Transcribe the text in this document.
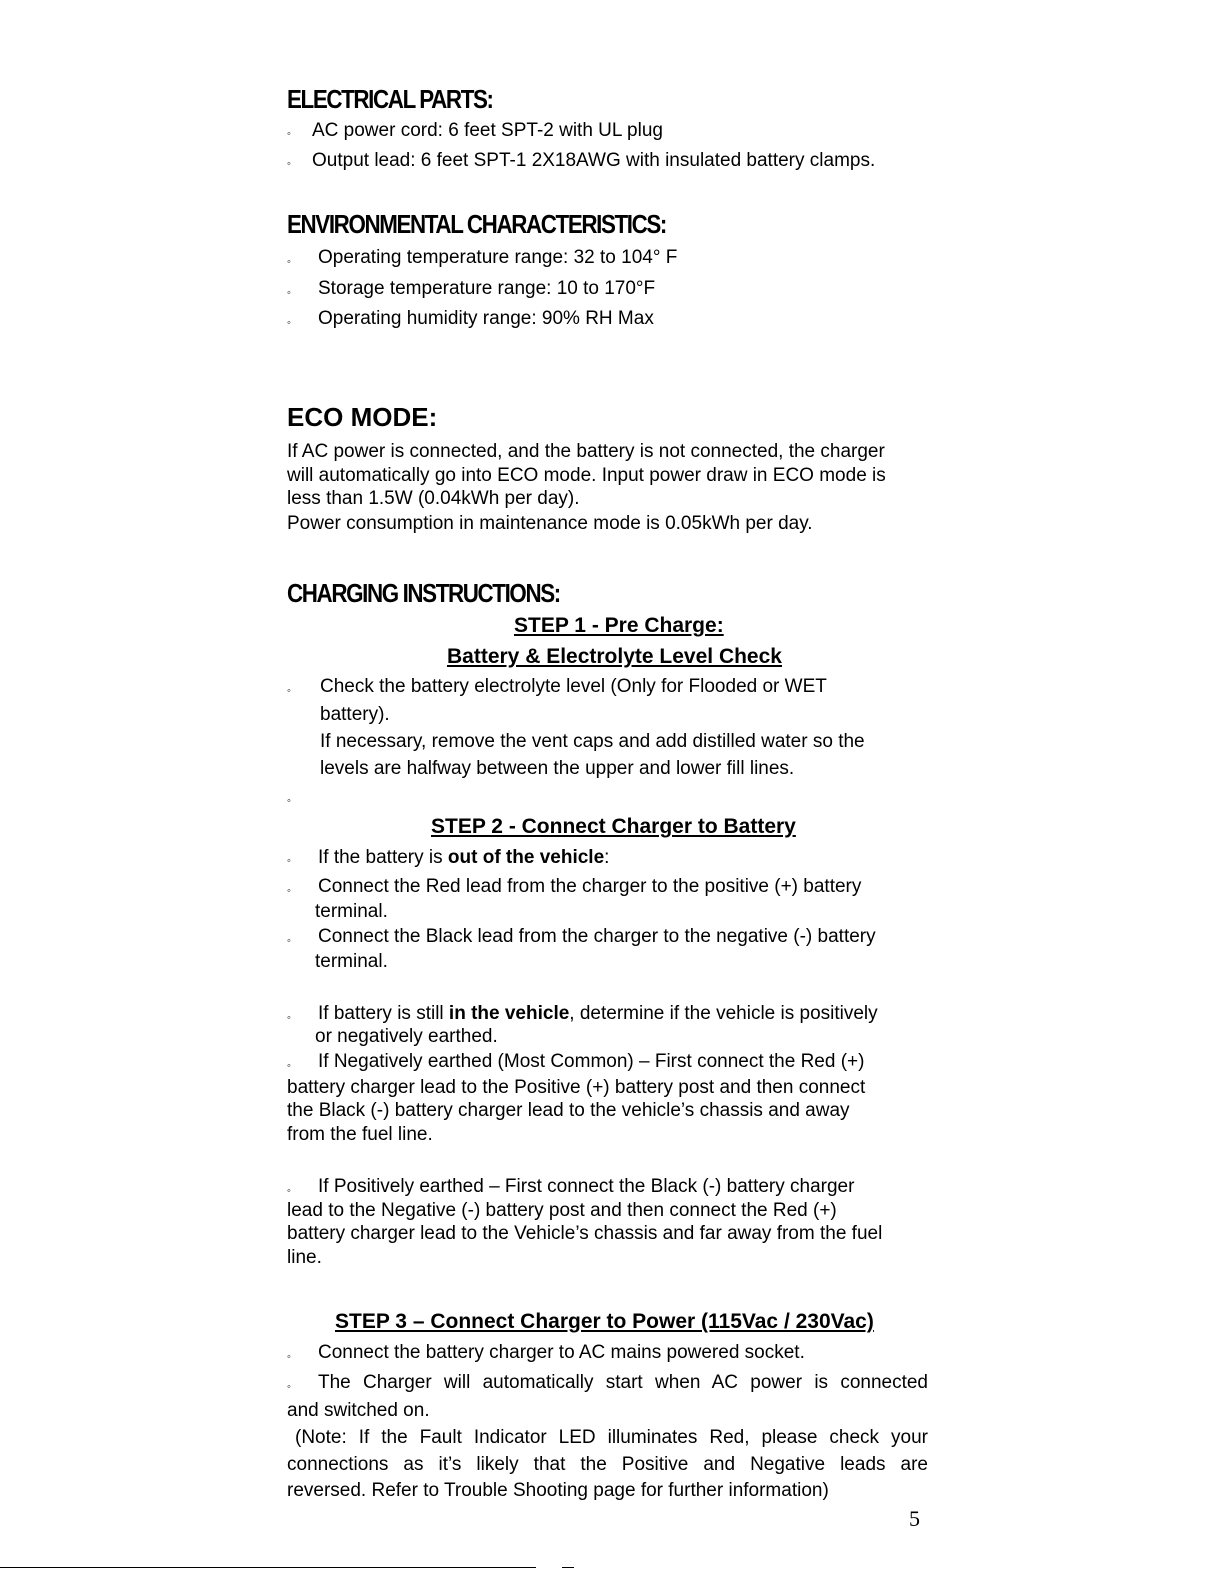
ELECTRICAL PARTS:
◦ AC power cord: 6 feet SPT-2 with UL plug
◦ Output lead: 6 feet SPT-1 2X18AWG with insulated battery clamps.
ENVIRONMENTAL CHARACTERISTICS:
◦ Operating temperature range: 32 to 104° F
◦ Storage temperature range: 10 to 170°F
◦ Operating humidity range: 90% RH Max
ECO MODE:
If AC power is connected, and the battery is not connected, the charger
will automatically go into ECO mode. Input power draw in ECO mode is
less than 1.5W (0.04kWh per day).
Power consumption in maintenance mode is 0.05kWh per day.
CHARGING INSTRUCTIONS:
STEP 1 - Pre Charge:
Battery & Electrolyte Level Check
◦ Check the battery electrolyte level (Only for Flooded or WET
battery).
If necessary, remove the vent caps and add distilled water so the
levels are halfway between the upper and lower fill lines.
◦
STEP 2 - Connect Charger to Battery
◦ If the battery is out of the vehicle:
◦ Connect the Red lead from the charger to the positive (+) battery
terminal.
◦ Connect the Black lead from the charger to the negative (-) battery
terminal.
◦ If battery is still in the vehicle, determine if the vehicle is positively
or negatively earthed.
◦ If Negatively earthed (Most Common) – First connect the Red (+)
battery charger lead to the Positive (+) battery post and then connect
the Black (-) battery charger lead to the vehicle’s chassis and away
from the fuel line.
◦ If Positively earthed – First connect the Black (-) battery charger
lead to the Negative (-) battery post and then connect the Red (+)
battery charger lead to the Vehicle’s chassis and far away from the fuel
line.
STEP 3 – Connect Charger to Power (115Vac / 230Vac)
◦ Connect the battery charger to AC mains powered socket.
◦ The Charger will automatically start when AC power is connected
and switched on.
(Note: If the Fault Indicator LED illuminates Red, please check your
connections as it’s likely that the Positive and Negative leads are
reversed. Refer to Trouble Shooting page for further information)
5
